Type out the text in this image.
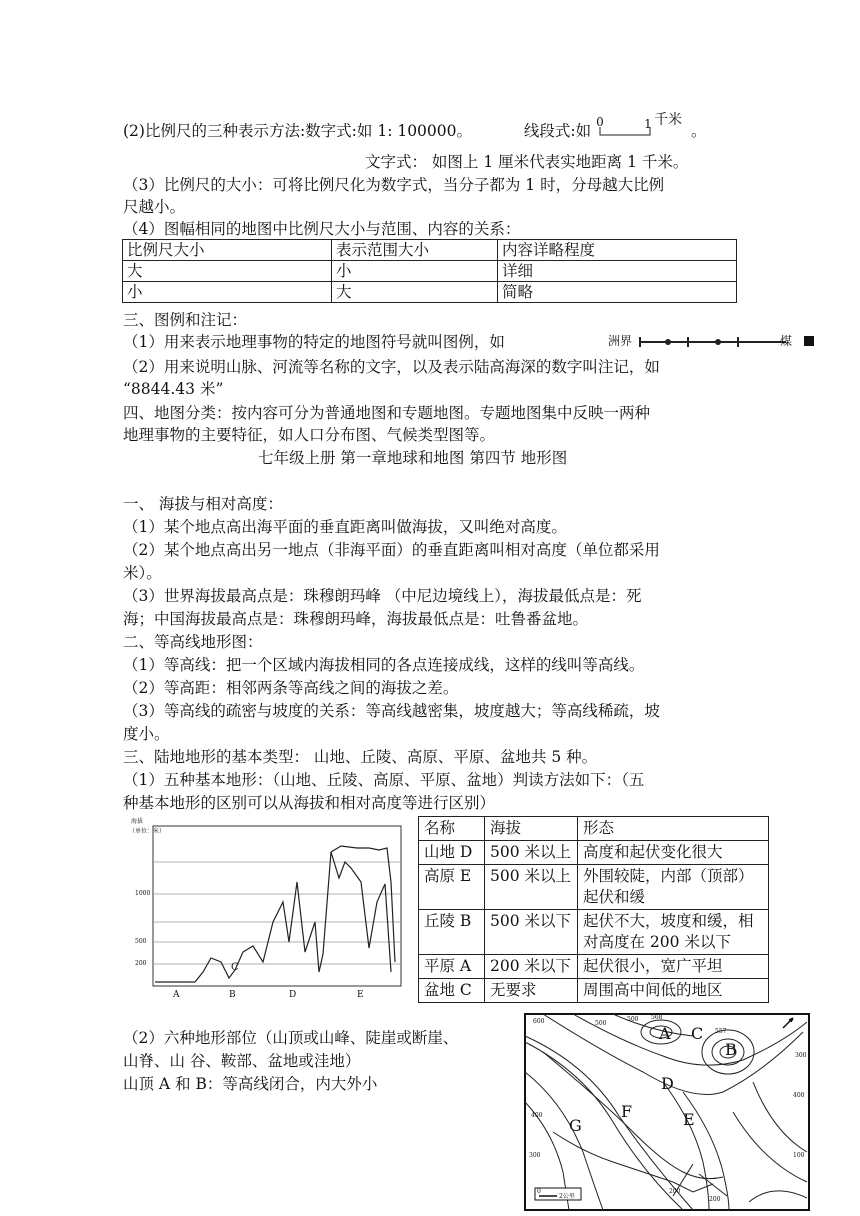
(2)比例尺的三种表示方法:数字式:如 1: 100000。	线段式:如 0	1 千米
。
文字式： 如图上 1 厘米代表实地距离 1 千米。
（3）比例尺的大小：可将比例尺化为数字式，当分子都为 1 时，分母越大比例
尺越小。
（4）图幅相同的地图中比例尺大小与范围、内容的关系：
比例尺大小	表示范围大小	内容详略程度
大	小	详细
小	大	简略
三、图例和注记：
（1）用来表示地理事物的特定的地图符号就叫图例，如	洲界	煤
（2）用来说明山脉、河流等名称的文字，以及表示陆高海深的数字叫注记，如
“8844.43 米”
四、地图分类：按内容可分为普通地图和专题地图。专题地图集中反映一两种
地理事物的主要特征，如人口分布图、气候类型图等。
七年级上册 第一章地球和地图 第四节 地形图
一、 海拔与相对高度：
（1）某个地点高出海平面的垂直距离叫做海拔，又叫绝对高度。
（2）某个地点高出另一地点（非海平面）的垂直距离叫相对高度（单位都采用
米）。
（3）世界海拔最高点是：珠穆朗玛峰 （中尼边境线上），海拔最低点是：死
海；中国海拔最高点是：珠穆朗玛峰，海拔最低点是：吐鲁番盆地。
二、等高线地形图：
（1）等高线：把一个区域内海拔相同的各点连接成线，这样的线叫等高线。
（2）等高距：相邻两条等高线之间的海拔之差。
（3）等高线的疏密与坡度的关系：等高线越密集，坡度越大；等高线稀疏，坡
度小。
三、陆地地形的基本类型： 山地、丘陵、高原、平原、盆地共 5 种。
（1）五种基本地形：（山地、丘陵、高原、平原、盆地）判读方法如下：（五
种基本地形的区别可以从海拔和相对高度等进行区别）
海拔
（单位：米）
1000
500
200
A	B	D	E
C
名称	海拔	形态
山地 D	500 米以上	高度和起伏变化很大
高原 E	500 米以上	外围较陡，内部（顶部）起伏和缓
丘陵 B	500 米以下	起伏不大，坡度和缓，相对高度在 200 米以下
平原 A	200 米以下	起伏很小，宽广平坦
盆地 C	无要求	周围高中间低的地区
（2）六种地形部位（山顶或山峰、陡崖或断崖、
山脊、山 谷、鞍部、盆地或洼地）
山顶 A 和 B：等高线闭合，内大外小
A
B
C
D
E
F
G
600	500
500
400
300
200
200
100
557
568
300
400
0
2公里
